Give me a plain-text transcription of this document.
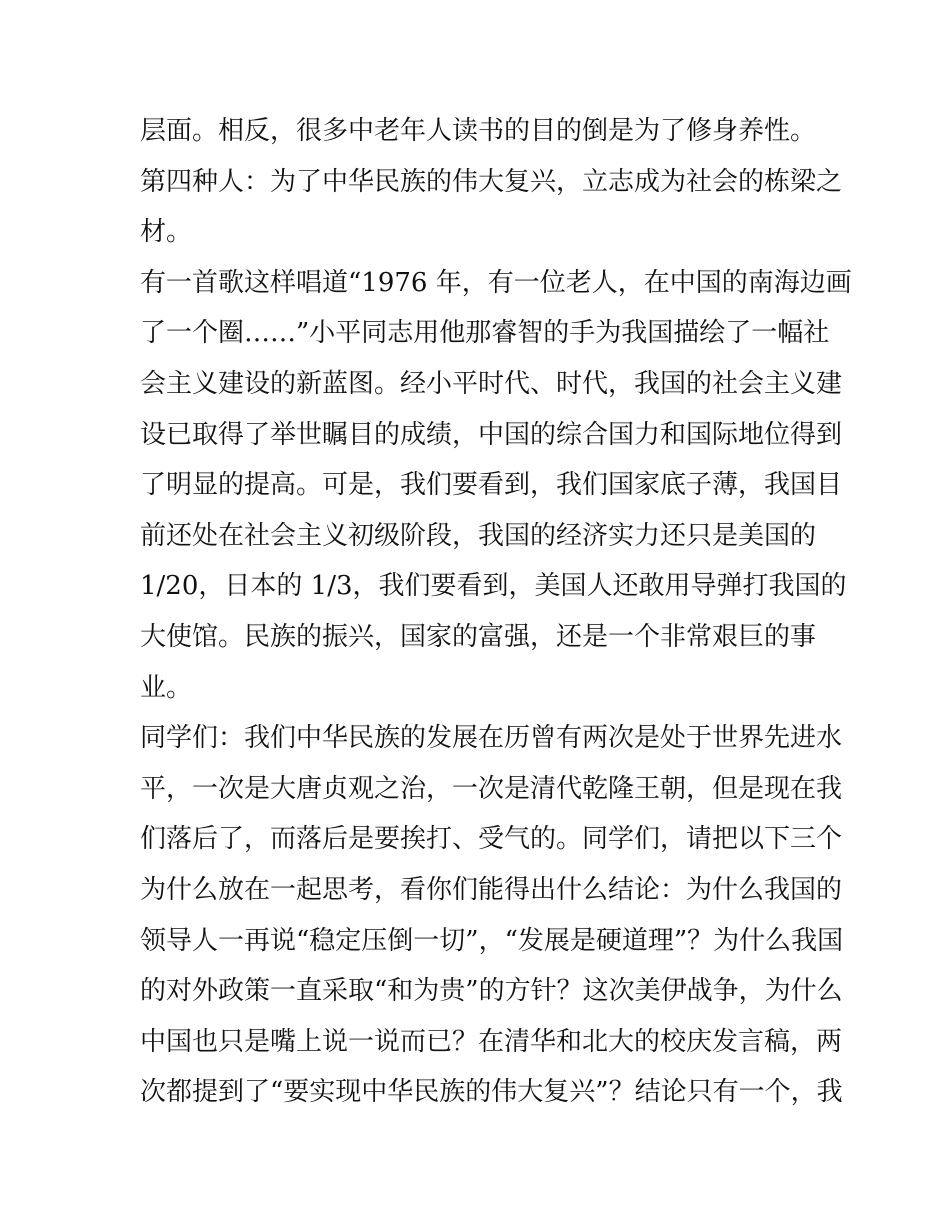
层面。相反，很多中老年人读书的目的倒是为了修身养性。
第四种人：为了中华民族的伟大复兴，立志成为社会的栋梁之
材。
有一首歌这样唱道“1976 年，有一位老人，在中国的南海边画
了一个圈……”小平同志用他那睿智的手为我国描绘了一幅社
会主义建设的新蓝图。经小平时代、时代，我国的社会主义建
设已取得了举世瞩目的成绩，中国的综合国力和国际地位得到
了明显的提高。可是，我们要看到，我们国家底子薄，我国目
前还处在社会主义初级阶段，我国的经济实力还只是美国的
1/20，日本的 1/3，我们要看到，美国人还敢用导弹打我国的
大使馆。民族的振兴，国家的富强，还是一个非常艰巨的事
业。
同学们：我们中华民族的发展在历曾有两次是处于世界先进水
平，一次是大唐贞观之治，一次是清代乾隆王朝，但是现在我
们落后了，而落后是要挨打、受气的。同学们，请把以下三个
为什么放在一起思考，看你们能得出什么结论：为什么我国的
领导人一再说“稳定压倒一切”，“发展是硬道理”？为什么我国
的对外政策一直采取“和为贵”的方针？这次美伊战争，为什么
中国也只是嘴上说一说而已？在清华和北大的校庆发言稿，两
次都提到了“要实现中华民族的伟大复兴”？结论只有一个，我
